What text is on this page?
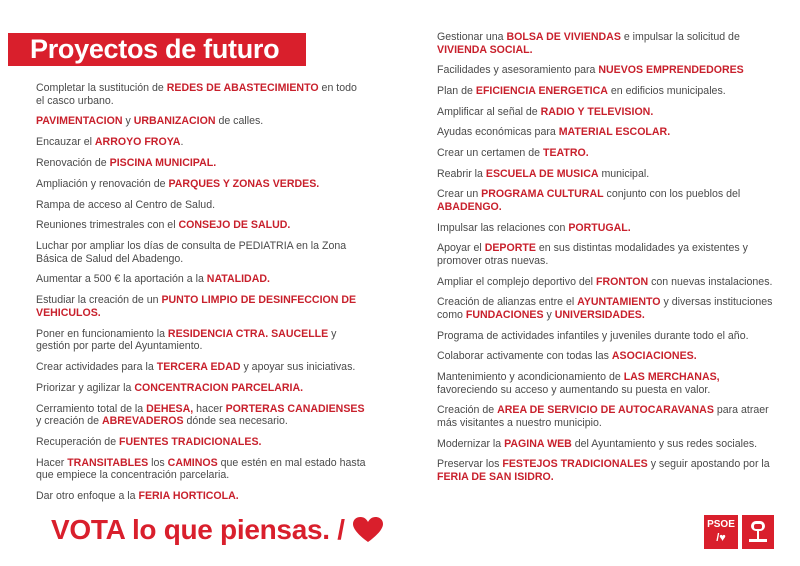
Proyectos de futuro
Completar la sustitución de REDES DE ABASTECIMIENTO en todo el casco urbano.
PAVIMENTACION y URBANIZACION de calles.
Encauzar el ARROYO FROYA.
Renovación de PISCINA MUNICIPAL.
Ampliación y renovación de PARQUES Y ZONAS VERDES.
Rampa de acceso al Centro de Salud.
Reuniones trimestrales con el CONSEJO DE SALUD.
Luchar por ampliar los días de consulta de PEDIATRIA en la Zona Básica de Salud del Abadengo.
Aumentar a 500 € la aportación a la NATALIDAD.
Estudiar la creación de un PUNTO LIMPIO DE DESINFECCION DE VEHICULOS.
Poner en funcionamiento la RESIDENCIA CTRA. SAUCELLE y gestión por parte del Ayuntamiento.
Crear actividades para la TERCERA EDAD y apoyar sus iniciativas.
Priorizar y agilizar la CONCENTRACION PARCELARIA.
Cerramiento total de la DEHESA, hacer PORTERAS CANADIENSES y creación de ABREVADEROS dónde sea necesario.
Recuperación de FUENTES TRADICIONALES.
Hacer TRANSITABLES los CAMINOS que estén en mal estado hasta que empiece la concentración parcelaria.
Dar otro enfoque a la FERIA HORTICOLA.
Gestionar una BOLSA DE VIVIENDAS e impulsar la solicitud de VIVIENDA SOCIAL.
Facilidades y asesoramiento para NUEVOS EMPRENDEDORES
Plan de EFICIENCIA ENERGETICA en edificios municipales.
Amplificar al señal de RADIO Y TELEVISION.
Ayudas económicas para MATERIAL ESCOLAR.
Crear un certamen de TEATRO.
Reabrir la ESCUELA DE MUSICA municipal.
Crear un PROGRAMA CULTURAL conjunto con los pueblos del ABADENGO.
Impulsar las relaciones con PORTUGAL.
Apoyar el DEPORTE en sus distintas modalidades ya existentes y promover otras nuevas.
Ampliar el complejo deportivo del FRONTON con nuevas instalaciones.
Creación de alianzas entre el AYUNTAMIENTO y diversas instituciones como FUNDACIONES y UNIVERSIDADES.
Programa de actividades infantiles y juveniles durante todo el año.
Colaborar activamente con todas las ASOCIACIONES.
Mantenimiento y acondicionamiento de LAS MERCHANAS, favoreciendo su acceso y aumentando su puesta en valor.
Creación de AREA DE SERVICIO DE AUTOCARAVANAS para atraer más visitantes a nuestro municipio.
Modernizar la PAGINA WEB del Ayuntamiento y sus redes sociales.
Preservar los FESTEJOS TRADICIONALES y seguir apostando por la FERIA DE SAN ISIDRO.
VOTA lo que piensas. /	PSOE
/♥
